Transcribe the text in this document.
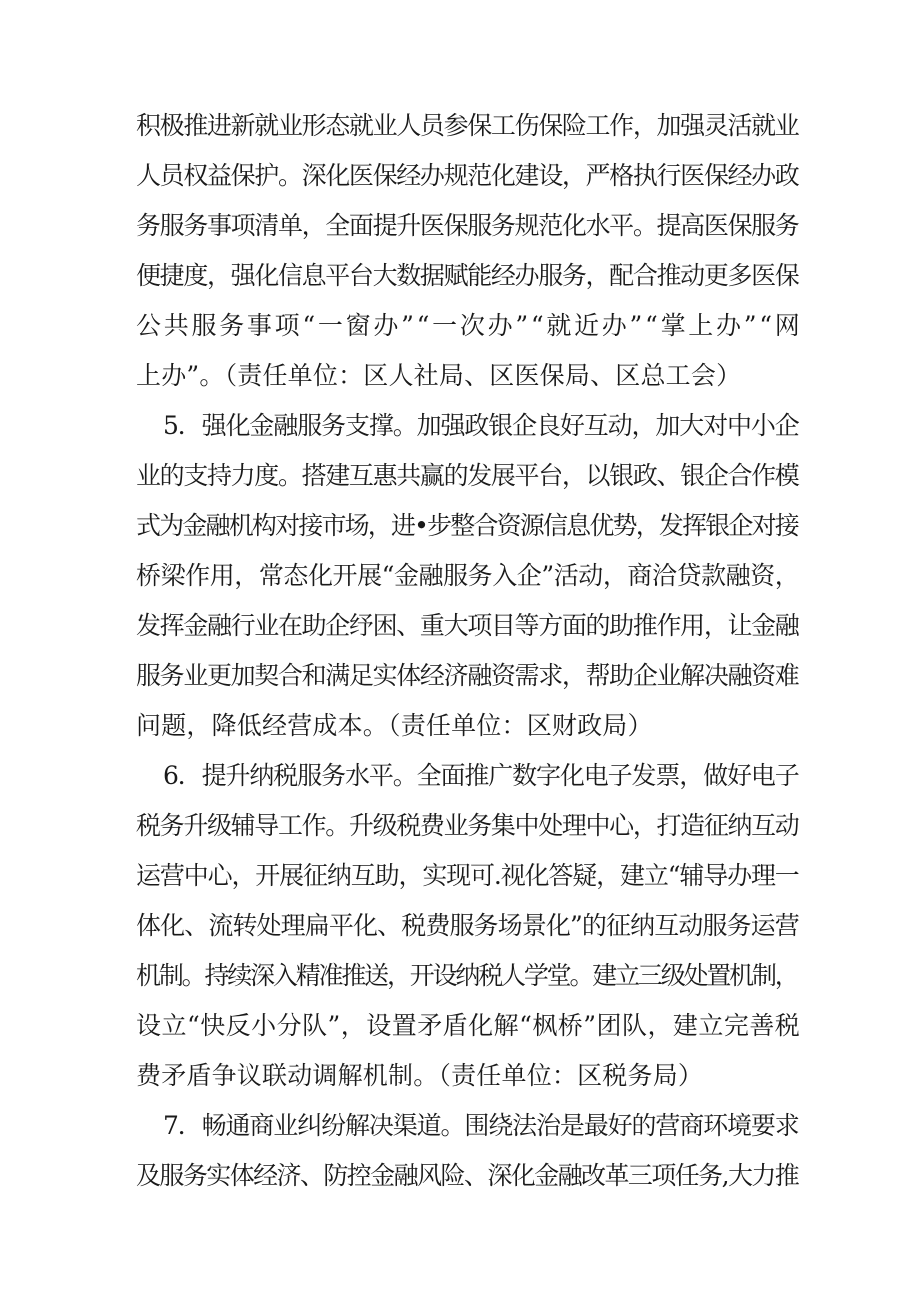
积极推进新就业形态就业人员参保工伤保险工作，加强灵活就业
人员权益保护。深化医保经办规范化建设，严格执行医保经办政
务服务事项清单，全面提升医保服务规范化水平。提高医保服务
便捷度，强化信息平台大数据赋能经办服务，配合推动更多医保
公共服务事项“一窗办”“一次办”“就近办”“掌上办”“网
上办”。（责任单位：区人社局、区医保局、区总工会）
5．强化金融服务支撑。加强政银企良好互动，加大对中小企
业的支持力度。搭建互惠共赢的发展平台，以银政、银企合作模
式为金融机构对接市场，进•步整合资源信息优势，发挥银企对接
桥梁作用，常态化开展“金融服务入企”活动，商洽贷款融资，
发挥金融行业在助企纾困、重大项目等方面的助推作用，让金融
服务业更加契合和满足实体经济融资需求，帮助企业解决融资难
问题，降低经营成本。（责任单位：区财政局）
6．提升纳税服务水平。全面推广数字化电子发票，做好电子
税务升级辅导工作。升级税费业务集中处理中心，打造征纳互动
运营中心，开展征纳互助，实现可.视化答疑，建立“辅导办理一
体化、流转处理扁平化、税费服务场景化”的征纳互动服务运营
机制。持续深入精准推送，开设纳税人学堂。建立三级处置机制，
设立“快反小分队”，设置矛盾化解“枫桥”团队，建立完善税
费矛盾争议联动调解机制。（责任单位：区税务局）
7．畅通商业纠纷解决渠道。围绕法治是最好的营商环境要求
及服务实体经济、防控金融风险、深化金融改革三项任务,大力推
